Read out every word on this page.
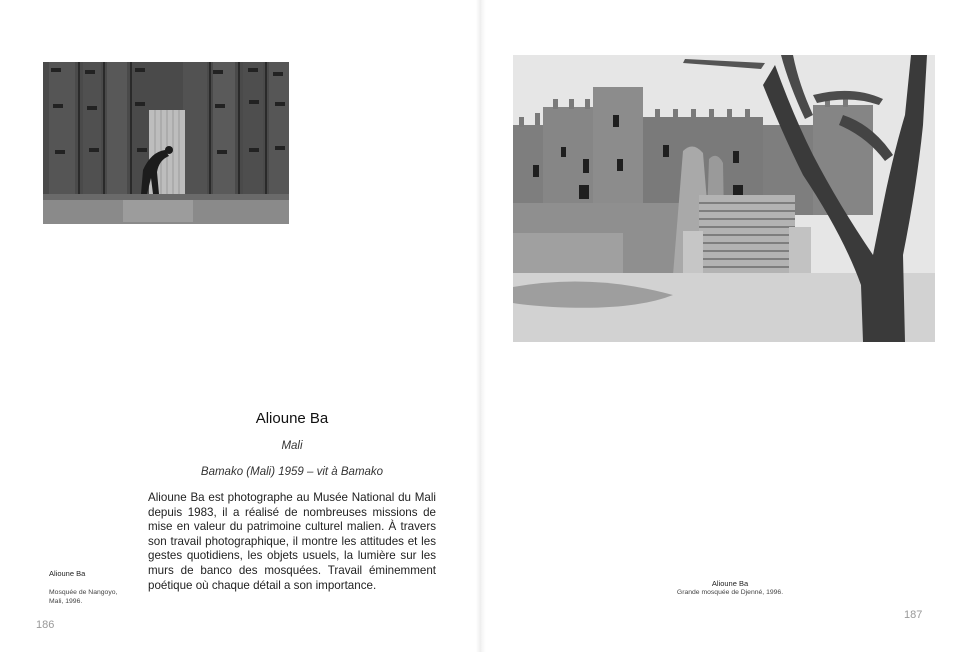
Alioune Ba
Mali
Bamako (Mali) 1959 – vit à Bamako

Alioune Ba est photographe au Musée National du Mali depuis 1983, il a réalisé de nombreuses missions de mise en valeur du patrimoine culturel malien. À travers son travail photographique, il montre les attitudes et les gestes quotidiens, les objets usuels, la lumière sur les murs de banco des mosquées. Travail éminemment poétique où chaque détail a son importance.

Alioune Ba
Mosquée de Nangoyo,
Mali, 1996.
186
Alioune Ba
Grande mosquée de Djenné, 1996.
187
